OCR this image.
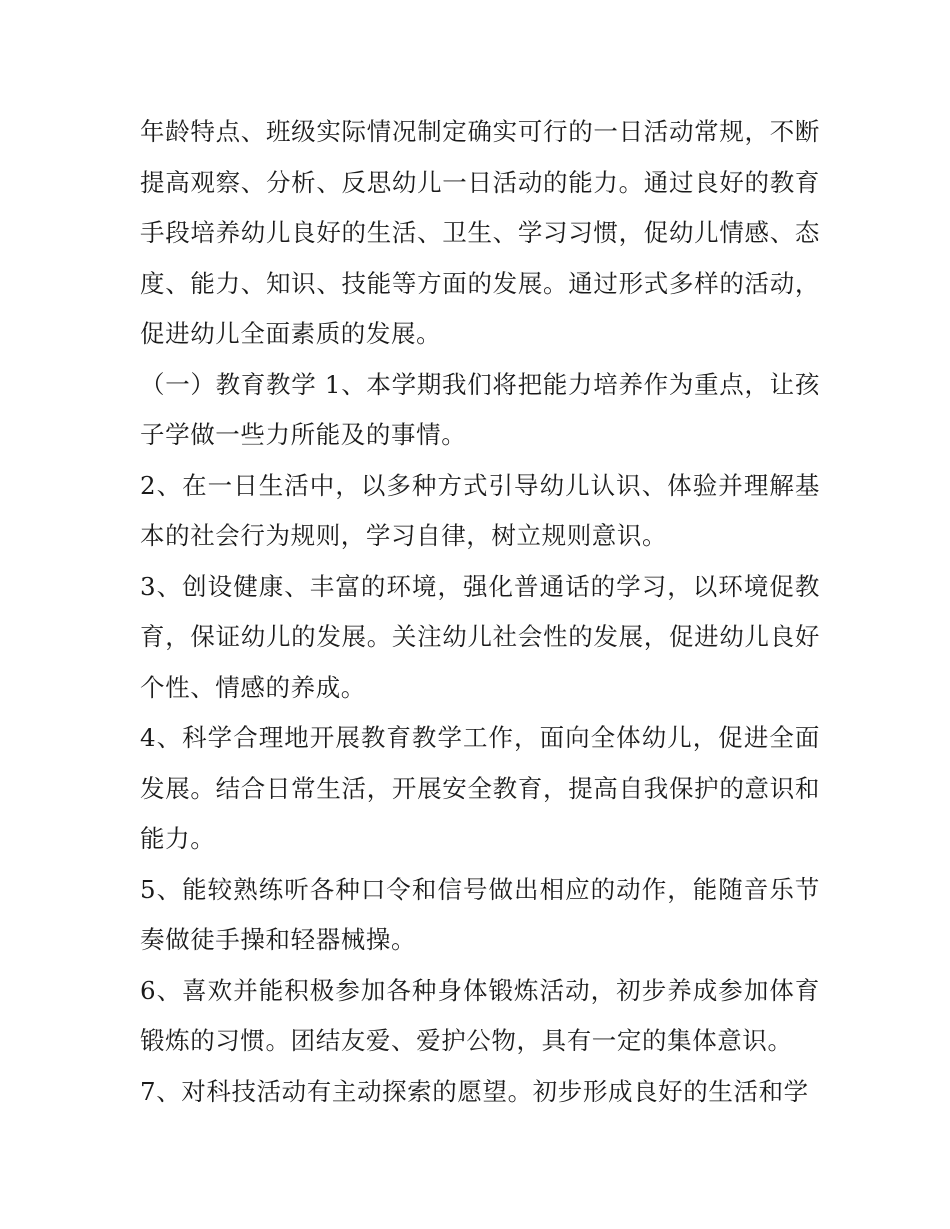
年龄特点、班级实际情况制定确实可行的一日活动常规，不断提高观察、分析、反思幼儿一日活动的能力。通过良好的教育手段培养幼儿良好的生活、卫生、学习习惯，促幼儿情感、态度、能力、知识、技能等方面的发展。通过形式多样的活动，促进幼儿全面素质的发展。

（一）教育教学 1、本学期我们将把能力培养作为重点，让孩子学做一些力所能及的事情。

2、在一日生活中，以多种方式引导幼儿认识、体验并理解基本的社会行为规则，学习自律，树立规则意识。

3、创设健康、丰富的环境，强化普通话的学习，以环境促教育，保证幼儿的发展。关注幼儿社会性的发展，促进幼儿良好个性、情感的养成。

4、科学合理地开展教育教学工作，面向全体幼儿，促进全面发展。结合日常生活，开展安全教育，提高自我保护的意识和能力。

5、能较熟练听各种口令和信号做出相应的动作，能随音乐节奏做徒手操和轻器械操。

6、喜欢并能积极参加各种身体锻炼活动，初步养成参加体育锻炼的习惯。团结友爱、爱护公物，具有一定的集体意识。

7、对科技活动有主动探索的愿望。初步形成良好的生活和学
